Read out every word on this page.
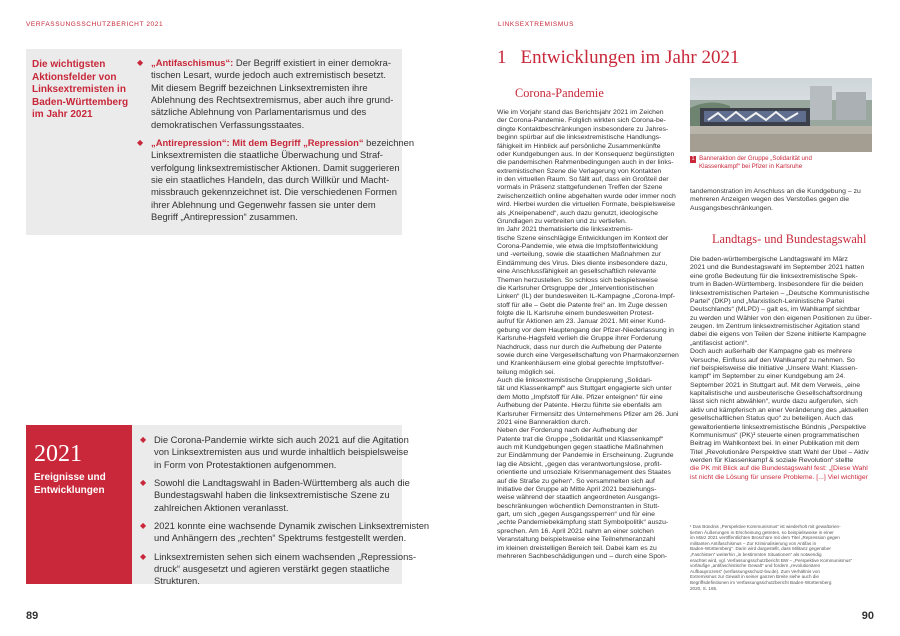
VERFASSUNGSSCHUTZBERICHT 2021
Die wichtigsten
Aktionsfelder von
Linksextremisten in
Baden-Württemberg
im Jahr 2021
◆ „Antifaschismus“: Der Begriff existiert in einer demokra-
tischen Lesart, wurde jedoch auch extremistisch besetzt.
Mit diesem Begriff bezeichnen Linksextremisten ihre
Ablehnung des Rechtsextremismus, aber auch ihre grund-
sätzliche Ablehnung von Parlamentarismus und des
demokratischen Verfassungsstaates.
◆ „Antirepression“: Mit dem Begriff „Repression“ bezeichnen
Linksextremisten die staatliche Überwachung und Straf-
verfolgung linksextremistischer Aktionen. Damit suggerieren
sie ein staatliches Handeln, das durch Willkür und Macht-
missbrauch gekennzeichnet ist. Die verschiedenen Formen
ihrer Ablehnung und Gegenwehr fassen sie unter dem
Begriff „Antirepression“ zusammen.
2021
Ereignisse und
Entwicklungen
◆ Die Corona-Pandemie wirkte sich auch 2021 auf die Agitation
von Linksextremisten aus und wurde inhaltlich beispielsweise
in Form von Protestaktionen aufgenommen.
◆ Sowohl die Landtagswahl in Baden-Württemberg als auch die
Bundestagswahl haben die linksextremistische Szene zu
zahlreichen Aktionen veranlasst.
◆ 2021 konnte eine wachsende Dynamik zwischen Linksextremisten
und Anhängern des „rechten“ Spektrums festgestellt werden.
◆ Linksextremisten sehen sich einem wachsenden „Repressions-
druck“ ausgesetzt und agieren verstärkt gegen staatliche
Strukturen.
89
LINKSEXTREMISMUS
1 Entwicklungen im Jahr 2021
Corona-Pandemie
Wie im Vorjahr stand das Berichtsjahr 2021 im Zeichen
der Corona-Pandemie. Folglich wirkten sich Corona-be-
dingte Kontaktbeschränkungen insbesondere zu Jahres-
beginn spürbar auf die linksextremistische Handlungs-
fähigkeit im Hinblick auf persönliche Zusammenkünfte
oder Kundgebungen aus. In der Konsequenz begünstigten
die pandemischen Rahmenbedingungen auch in der links-
extremistischen Szene die Verlagerung von Kontakten
in den virtuellen Raum. So fällt auf, dass ein Großteil der
vormals in Präsenz stattgefundenen Treffen der Szene
zwischenzeitlich online abgehalten wurde oder immer noch
wird. Hierbei wurden die virtuellen Formate, beispielsweise
als „Kneipenabend“, auch dazu genutzt, ideologische
Grundlagen zu verbreiten und zu vertiefen.
Im Jahr 2021 thematisierte die linksextremis-
tische Szene einschlägige Entwicklungen im Kontext der
Corona-Pandemie, wie etwa die Impfstoffentwicklung
und -verteilung, sowie die staatlichen Maßnahmen zur
Eindämmung des Virus. Dies diente insbesondere dazu,
eine Anschlussfähigkeit an gesellschaftlich relevante
Themen herzustellen. So schloss sich beispielsweise
die Karlsruher Ortsgruppe der „Interventionistischen
Linken“ (IL) der bundesweiten IL-Kampagne „Corona-Impf-
stoff für alle – Gebt die Patente frei“ an. Im Zuge dessen
folgte die IL Karlsruhe einem bundesweiten Protest-
aufruf für Aktionen am 23. Januar 2021. Mit einer Kund-
gebung vor dem Hauptengang der Pfizer-Niederlassung in
Karlsruhe-Hagsfeld verlieh die Gruppe ihrer Forderung
Nachdruck, dass nur durch die Aufhebung der Patente
sowie durch eine Vergesellschaftung von Pharmakonzernen
und Krankenhäusern eine global gerechte Impfstoffver-
teilung möglich sei.
Auch die linksextremistische Gruppierung „Solidari-
tät und Klassenkampf“ aus Stuttgart engagierte sich unter
dem Motto „Impfstoff für Alle. Pfizer enteignen“ für eine
Aufhebung der Patente. Hierzu führte sie ebenfalls am
Karlsruher Firmensitz des Unternehmens Pfizer am 26. Juni
2021 eine Banneraktion durch.
Neben der Forderung nach der Aufhebung der
Patente trat die Gruppe „Solidarität und Klassenkampf“
auch mit Kundgebungen gegen staatliche Maßnahmen
zur Eindämmung der Pandemie in Erscheinung. Zugrunde
lag die Absicht, „gegen das verantwortungslose, profit-
orientierte und unsoziale Krisenmanagement des Staates
auf die Straße zu gehen“. So versammelten sich auf
Initiative der Gruppe ab Mitte April 2021 beziehungs-
weise während der staatlich angeordneten Ausgangs-
beschränkungen wöchentlich Demonstranten in Stutt-
gart, um sich „gegen Ausgangssperren“ und für eine
„echte Pandemiebekämpfung statt Symbolpolitik“ auszu-
sprechen. Am 16. April 2021 nahm an einer solchen
Veranstaltung beispielsweise eine Teilnehmeranzahl
im kleinen dreistelligen Bereich teil. Dabei kam es zu
mehreren Sachbeschädigungen und – durch eine Spon-
1 Banneraktion der Gruppe „Solidarität und
Klassenkampf“ bei Pfizer in Karlsruhe
tandemonstration im Anschluss an die Kundgebung – zu
mehreren Anzeigen wegen des Verstoßes gegen die
Ausgangsbeschränkungen.
Landtags- und Bundestagswahl
Die baden-württembergische Landtagswahl im März
2021 und die Bundestagswahl im September 2021 hatten
eine große Bedeutung für die linksextremistische Spek-
trum in Baden-Württemberg. Insbesondere für die beiden
linksextremistischen Parteien – „Deutsche Kommunistische
Partei“ (DKP) und „Marxistisch-Leninistische Partei
Deutschlands“ (MLPD) – galt es, im Wahlkampf sichtbar
zu werden und Wähler von den eigenen Positionen zu über-
zeugen. Im Zentrum linksextremistischer Agitation stand
dabei die eigens von Teilen der Szene initiierte Kampagne
„antifascist action!“.
Doch auch außerhalb der Kampagne gab es mehrere
Versuche, Einfluss auf den Wahlkampf zu nehmen. So
rief beispielsweise die Initiative „Unsere Wahl: Klassen-
kampf“ im September zu einer Kundgebung am 24.
September 2021 in Stuttgart auf. Mit dem Verweis, „eine
kapitalistische und ausbeuterische Gesellschaftsordnung
lässt sich nicht abwählen“, wurde dazu aufgerufen, sich
aktiv und kämpferisch an einer Veränderung des „aktuellen
gesellschaftlichen Status quo“ zu beteiligen. Auch das
gewaltorientierte linksextremistische Bündnis „Perspektive
Kommunismus“ (PK)¹ steuerte einen programmatischen
Beitrag im Wahlkontext bei. In einer Publikation mit dem
Titel „Revolutionäre Perspektive statt Wahl der Übel – Aktiv
werden für Klassenkampf & soziale Revolution“ stellte
die PK mit Blick auf die Bundestagswahl fest: „[Diese Wahl
ist nicht die Lösung für unsere Probleme. [...] Viel wichtiger
¹ Das Bündnis „Perspektive Kommunismus“ ist wiederholt mit gewaltorien-
tierten Äußerungen in Erscheinung getreten, so beispielsweise in einer
im März 2021 veröffentlichten Broschüre mit dem Titel „Repression gegen
militanten Antifaschismus – Zur Kriminalisierung von Antifas in
Baden-Württemberg“. Darin wird dargestellt, dass Militanz gegenüber
„Faschisten“ weiterhin „in bestimmten Situationen“ als notwendig
erachtet wird, vgl. Verfassungsschutzbericht BW – „Perspektive Kommunismus“
vorläufige „antifaschistische Gewalt“ und fordern „revolutionären
Aufbauprozess“ (verfassungsschutz-bw.de). Zum Verhältnis von
Extremismus zur Gewalt in seiner ganzen Breite siehe auch die
Begriffsdefinitionen im Verfassungsschutzbericht Baden-Württemberg
2020, S. 165.
90
